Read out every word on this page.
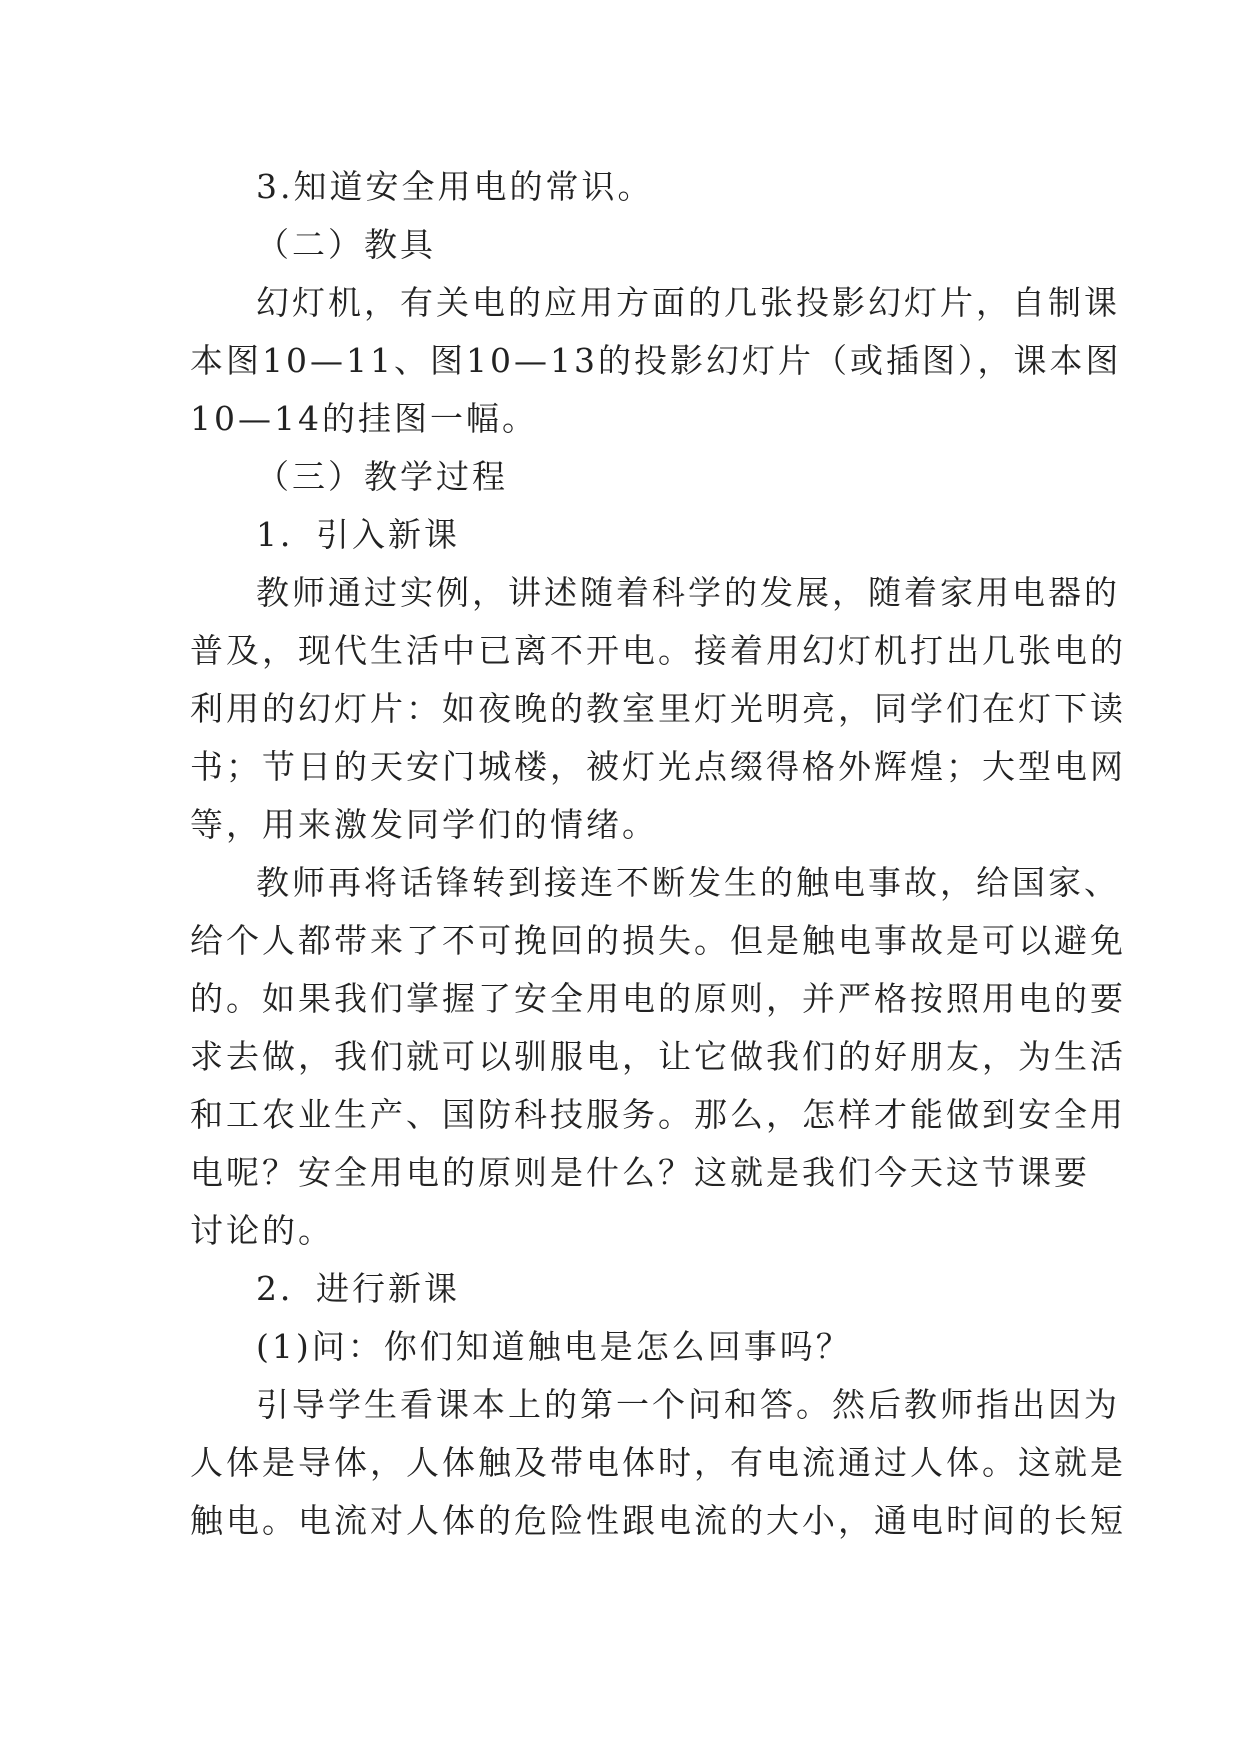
3.知道安全用电的常识。
（二）教具
幻灯机，有关电的应用方面的几张投影幻灯片，自制课
本图10—11、图10—13的投影幻灯片（或插图），课本图
10—14的挂图一幅。
（三）教学过程
1．引入新课
教师通过实例，讲述随着科学的发展，随着家用电器的
普及，现代生活中已离不开电。接着用幻灯机打出几张电的
利用的幻灯片：如夜晚的教室里灯光明亮，同学们在灯下读
书；节日的天安门城楼，被灯光点缀得格外辉煌；大型电网
等，用来激发同学们的情绪。
教师再将话锋转到接连不断发生的触电事故，给国家、
给个人都带来了不可挽回的损失。但是触电事故是可以避免
的。如果我们掌握了安全用电的原则，并严格按照用电的要
求去做，我们就可以驯服电，让它做我们的好朋友，为生活
和工农业生产、国防科技服务。那么，怎样才能做到安全用
电呢？安全用电的原则是什么？这就是我们今天这节课要
讨论的。
2．进行新课
(1)问：你们知道触电是怎么回事吗？
引导学生看课本上的第一个问和答。然后教师指出因为
人体是导体，人体触及带电体时，有电流通过人体。这就是
触电。电流对人体的危险性跟电流的大小，通电时间的长短
